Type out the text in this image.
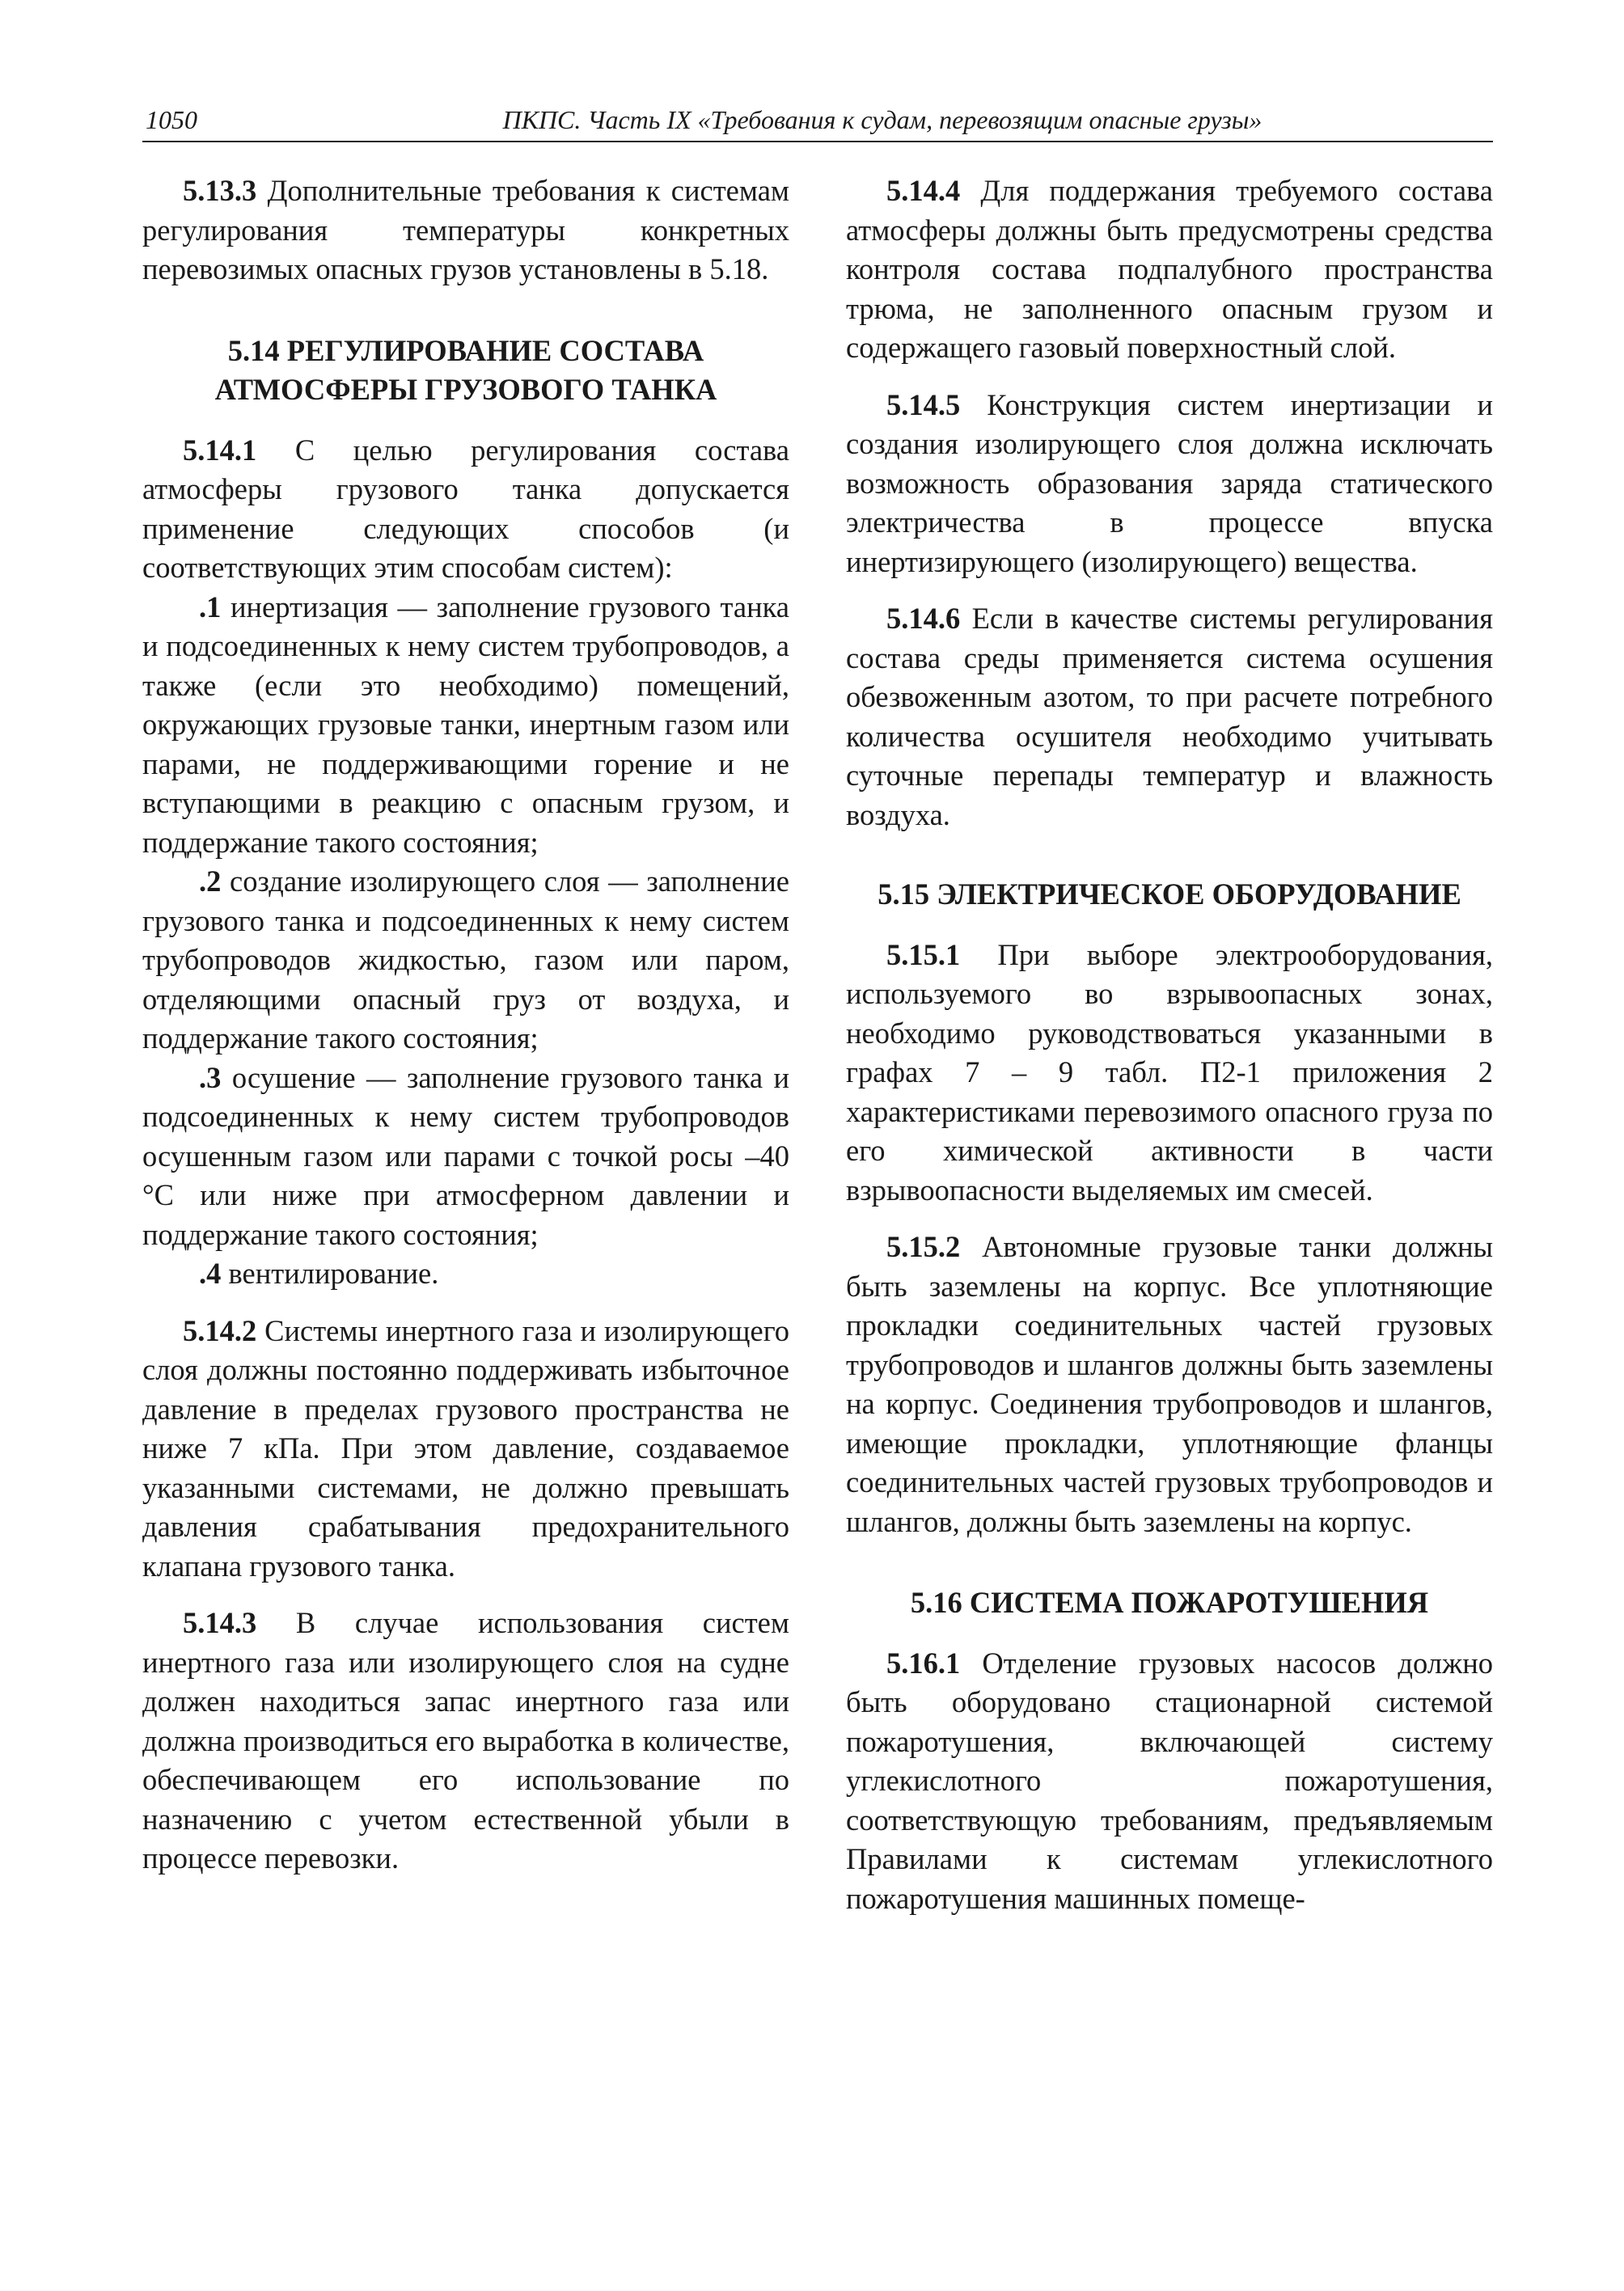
1050	ПКПС. Часть IX «Требования к судам, перевозящим опасные грузы»

5.13.3 Дополнительные требования к системам регулирования температуры конкретных перевозимых опасных грузов установлены в 5.18.

5.14 РЕГУЛИРОВАНИЕ СОСТАВА
АТМОСФЕРЫ ГРУЗОВОГО ТАНКА

5.14.1 С целью регулирования состава атмосферы грузового танка допускается применение следующих способов (и соответствующих этим способам систем):

.1 инертизация — заполнение грузового танка и подсоединенных к нему систем трубопроводов, а также (если это необходимо) помещений, окружающих грузовые танки, инертным газом или парами, не поддерживающими горение и не вступающими в реакцию с опасным грузом, и поддержание такого состояния;

.2 создание изолирующего слоя — заполнение грузового танка и подсоединенных к нему систем трубопроводов жидкостью, газом или паром, отделяющими опасный груз от воздуха, и поддержание такого состояния;

.3 осушение — заполнение грузового танка и подсоединенных к нему систем трубопроводов осушенным газом или парами с точкой росы –40 °С или ниже при атмосферном давлении и поддержание такого состояния;

.4 вентилирование.

5.14.2 Системы инертного газа и изолирующего слоя должны постоянно поддерживать избыточное давление в пределах грузового пространства не ниже 7 кПа. При этом давление, создаваемое указанными системами, не должно превышать давления срабатывания предохранительного клапана грузового танка.

5.14.3 В случае использования систем инертного газа или изолирующего слоя на судне должен находиться запас инертного газа или должна производиться его выработка в количестве, обеспечивающем его использование по назначению с учетом естественной убыли в процессе перевозки.

5.14.4 Для поддержания требуемого состава атмосферы должны быть предусмотрены средства контроля состава подпалубного пространства трюма, не заполненного опасным грузом и содержащего газовый поверхностный слой.

5.14.5 Конструкция систем инертизации и создания изолирующего слоя должна исключать возможность образования заряда статического электричества в процессе впуска инертизирующего (изолирующего) вещества.

5.14.6 Если в качестве системы регулирования состава среды применяется система осушения обезвоженным азотом, то при расчете потребного количества осушителя необходимо учитывать суточные перепады температур и влажность воздуха.

5.15 ЭЛЕКТРИЧЕСКОЕ ОБОРУДОВАНИЕ

5.15.1 При выборе электрооборудования, используемого во взрывоопасных зонах, необходимо руководствоваться указанными в графах 7 – 9 табл. П2-1 приложения 2 характеристиками перевозимого опасного груза по его химической активности в части взрывоопасности выделяемых им смесей.

5.15.2 Автономные грузовые танки должны быть заземлены на корпус. Все уплотняющие прокладки соединительных частей грузовых трубопроводов и шлангов должны быть заземлены на корпус. Соединения трубопроводов и шлангов, имеющие прокладки, уплотняющие фланцы соединительных частей грузовых трубопроводов и шлангов, должны быть заземлены на корпус.

5.16 СИСТЕМА ПОЖАРОТУШЕНИЯ

5.16.1 Отделение грузовых насосов должно быть оборудовано стационарной системой пожаротушения, включающей систему углекислотного пожаротушения, соответствующую требованиям, предъявляемым Правилами к системам углекислотного пожаротушения машинных помеще-
